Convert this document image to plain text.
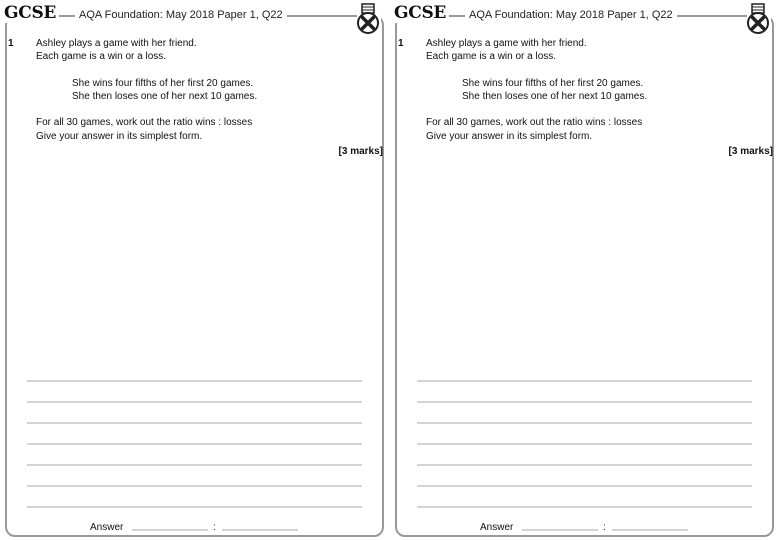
GCSE	AQA Foundation: May 2018 Paper 1, Q22
1 Ashley plays a game with her friend.
Each game is a win or a loss.
She wins four fifths of her first 20 games.
She then loses one of her next 10 games.
For all 30 games, work out the ratio wins : losses
Give your answer in its simplest form.
[3 marks]
Answer	:
GCSE	AQA Foundation: May 2018 Paper 1, Q22
1 Ashley plays a game with her friend.
Each game is a win or a loss.
She wins four fifths of her first 20 games.
She then loses one of her next 10 games.
For all 30 games, work out the ratio wins : losses
Give your answer in its simplest form.
[3 marks]
Answer	:
